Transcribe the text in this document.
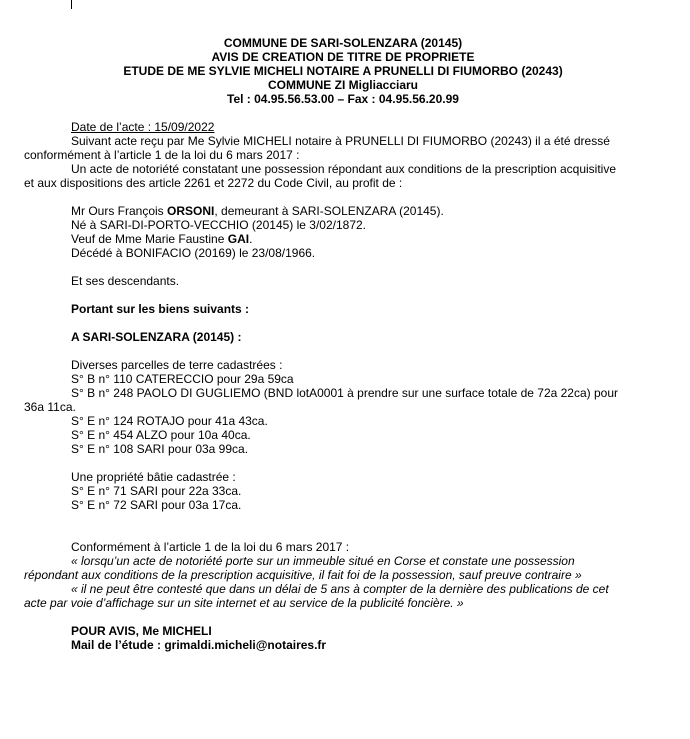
COMMUNE DE SARI-SOLENZARA (20145)
AVIS DE CREATION DE TITRE DE PROPRIETE
ETUDE DE ME SYLVIE MICHELI NOTAIRE A PRUNELLI DI FIUMORBO (20243)
COMMUNE ZI Migliacciaru
Tel : 04.95.56.53.00 – Fax : 04.95.56.20.99

Date de l’acte : 15/09/2022

Suivant acte reçu par Me Sylvie MICHELI notaire à PRUNELLI DI FIUMORBO (20243) il a été dressé

conformément à l’article 1 de la loi du 6 mars 2017 :

Un acte de notoriété constatant une possession répondant aux conditions de la prescription acquisitive

et aux dispositions des article 2261 et 2272 du Code Civil, au profit de :

Mr Ours François ORSONI, demeurant à SARI-SOLENZARA (20145).

Né à SARI-DI-PORTO-VECCHIO (20145) le 3/02/1872.

Veuf de Mme Marie Faustine GAI.

Décédé à BONIFACIO (20169) le 23/08/1966.

Et ses descendants.

Portant sur les biens suivants :

A SARI-SOLENZARA (20145) :

Diverses parcelles de terre cadastrées :

S° B n° 110 CATERECCIO pour 29a 59ca

S° B n° 248 PAOLO DI GUGLIEMO (BND lotA0001 à prendre sur une surface totale de 72a 22ca) pour

36a 11ca.

S° E n° 124 ROTAJO pour 41a 43ca.

S° E n° 454 ALZO pour 10a 40ca.

S° E n° 108 SARI pour 03a 99ca.

Une propriété bâtie cadastrée :

S° E n° 71 SARI pour 22a 33ca.

S° E n° 72 SARI pour 03a 17ca.

Conformément à l’article 1 de la loi du 6 mars 2017 :

« lorsqu’un acte de notoriété porte sur un immeuble situé en Corse et constate une possession

répondant aux conditions de la prescription acquisitive, il fait foi de la possession, sauf preuve contraire »

« il ne peut être contesté que dans un délai de 5 ans à compter de la dernière des publications de cet

acte par voie d’affichage sur un site internet et au service de la publicité foncière. »

POUR AVIS, Me MICHELI

Mail de l’étude : grimaldi.micheli@notaires.fr
